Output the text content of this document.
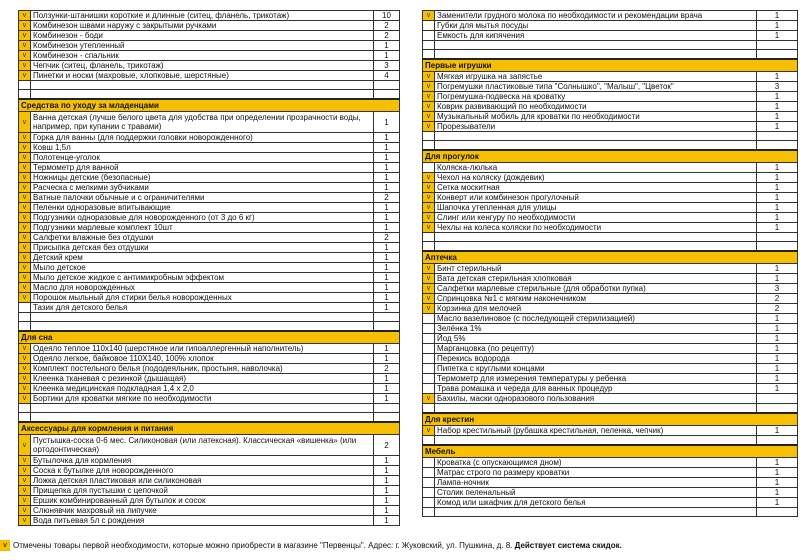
v	Ползунки-штанишки короткие и длинные (ситец, фланель, трикотаж)	10
v	Комбинезон швами наружу с закрытыми ручками	2
v	Комбинезон - боди	2
v	Комбинезон утепленный	1
v	Комбинезон - спальник	1
v	Чепчик (ситец, фланель, трикотаж)	3
v	Пинетки и носки (махровые, хлопковые, шерстяные)	4

Средства по уходу за младенцами		
v	Ванна детская (лучше белого цвета для удобства при определении прозрачности воды, например, при купании с травами)	1
v	Горка для ванны (для поддержки головки новорожденного)	1
v	Ковш 1,5л	1
v	Полотенце-уголок	1
v	Термометр для ванной	1
v	Ножницы детские (безопасные)	1
v	Расческа с мелкими зубчиками	1
v	Ватные палочки обычные и с ограничителями	2
v	Пеленки одноразовые впитывающие	1
v	Подгузники одноразовые для новорожденного (от 3 до 6 кг)	1
v	Подгузники марлевые комплект 10шт	1
v	Салфетки влажные без отдушки	2
v	Присыпка детская без отдушки	1
v	Детский крем	1
v	Мыло детское	1
v	Мыло детское жидкое с антимикробным эффектом	1
v	Масло для новорожденных	1
v	Порошок мыльный для стирки белья новорожденных	1
	Тазик для детского белья	1

Для сна		
v	Одеяло теплое 110х140 (шерстяное или гипоаллергенный наполнитель)	1
v	Одеяло легкое, байковое 110Х140, 100% хлопок	1
v	Комплект постельного белья (пододеяльник, простыня, наволочка)	2
v	Клеенка тканевая с резинкой (дышащая)	1
v	Клеенка медицинская подкладная 1,4 х 2,0	1
v	Бортики для кроватки мягкие по необходимости	1

Аксессуары для кормления и питания		
v	Пустышка-соска 0-6 мес. Силиконовая (или латексная). Классическая «вишенка» (или ортодонтическая)	2
v	Бутылочка для кормления	1
v	Соска к бутылке для новорожденного	1
v	Ложка детская пластиковая или силиконовая	1
v	Прищепка для пустышки с цепочкой	1
v	Ершик комбинированный для бутылок и сосок	1
v	Слюнявчик махровый на липучке	1
v	Вода питьевая 5л с рождения	1
v	Заменители грудного молока по необходимости и рекомендации врача	1
	Губки для мытья посуды	1
	Емкость для кипячения	1

Первые игрушки		
v	Мягкая игрушка на запястье	1
v	Погремушки пластиковые типа "Солнышко", "Малыш", "Цветок"	3
v	Погремушка-подвеска на кроватку	1
v	Коврик развивающий по необходимости	1
v	Музыкальный мобиль для кроватки по необходимости	1
v	Прорезыватели	1

Для прогулок		
	Коляска-люлька	1
v	Чехол на коляску (дождевик)	1
v	Сетка москитная	1
v	Конверт или комбинезон прогулочный	1
v	Шапочка утепленная для улицы	1
v	Слинг или кенгуру по необходимости	1
v	Чехлы на колеса коляски по необходимости	1

Аптечка		
v	Бинт стерильный	1
v	Вата детская стерильная хлопковая	1
v	Салфетки марлевые стерильные (для обработки пупка)	3
v	Спринцовка №1 с мягким наконечником	2
v	Корзинка для мелочей	2
	Масло вазелиновое (с последующей стерилизацией)	1
	Зелёнка 1%	1
	Йод 5%	1
	Марганцовка (по рецепту)	1
	Перекись водорода	1
	Пипетка с круглыми концами	1
	Термометр для измерения температуры у ребенка	1
	Трава ромашка и череда для ванных процедур	1
v	Бахилы, маски одноразового пользования	

Для крестин		
v	Набор крестильный (рубашка крестильная, пеленка, чепчик)	1

Мебель		
	Кроватка (с опускающимся дном)	1
	Матрас строго по размеру кроватки	1
	Лампа-ночник	1
	Столик пеленальный	1
	Комод или шкафчик для детского белья	1

v Отмечены товары первой необходимости, которые можно приобрести в магазине "Первенцы". Адрес: г. Жуковский, ул. Пушкина, д. 8. Действует система скидок.
